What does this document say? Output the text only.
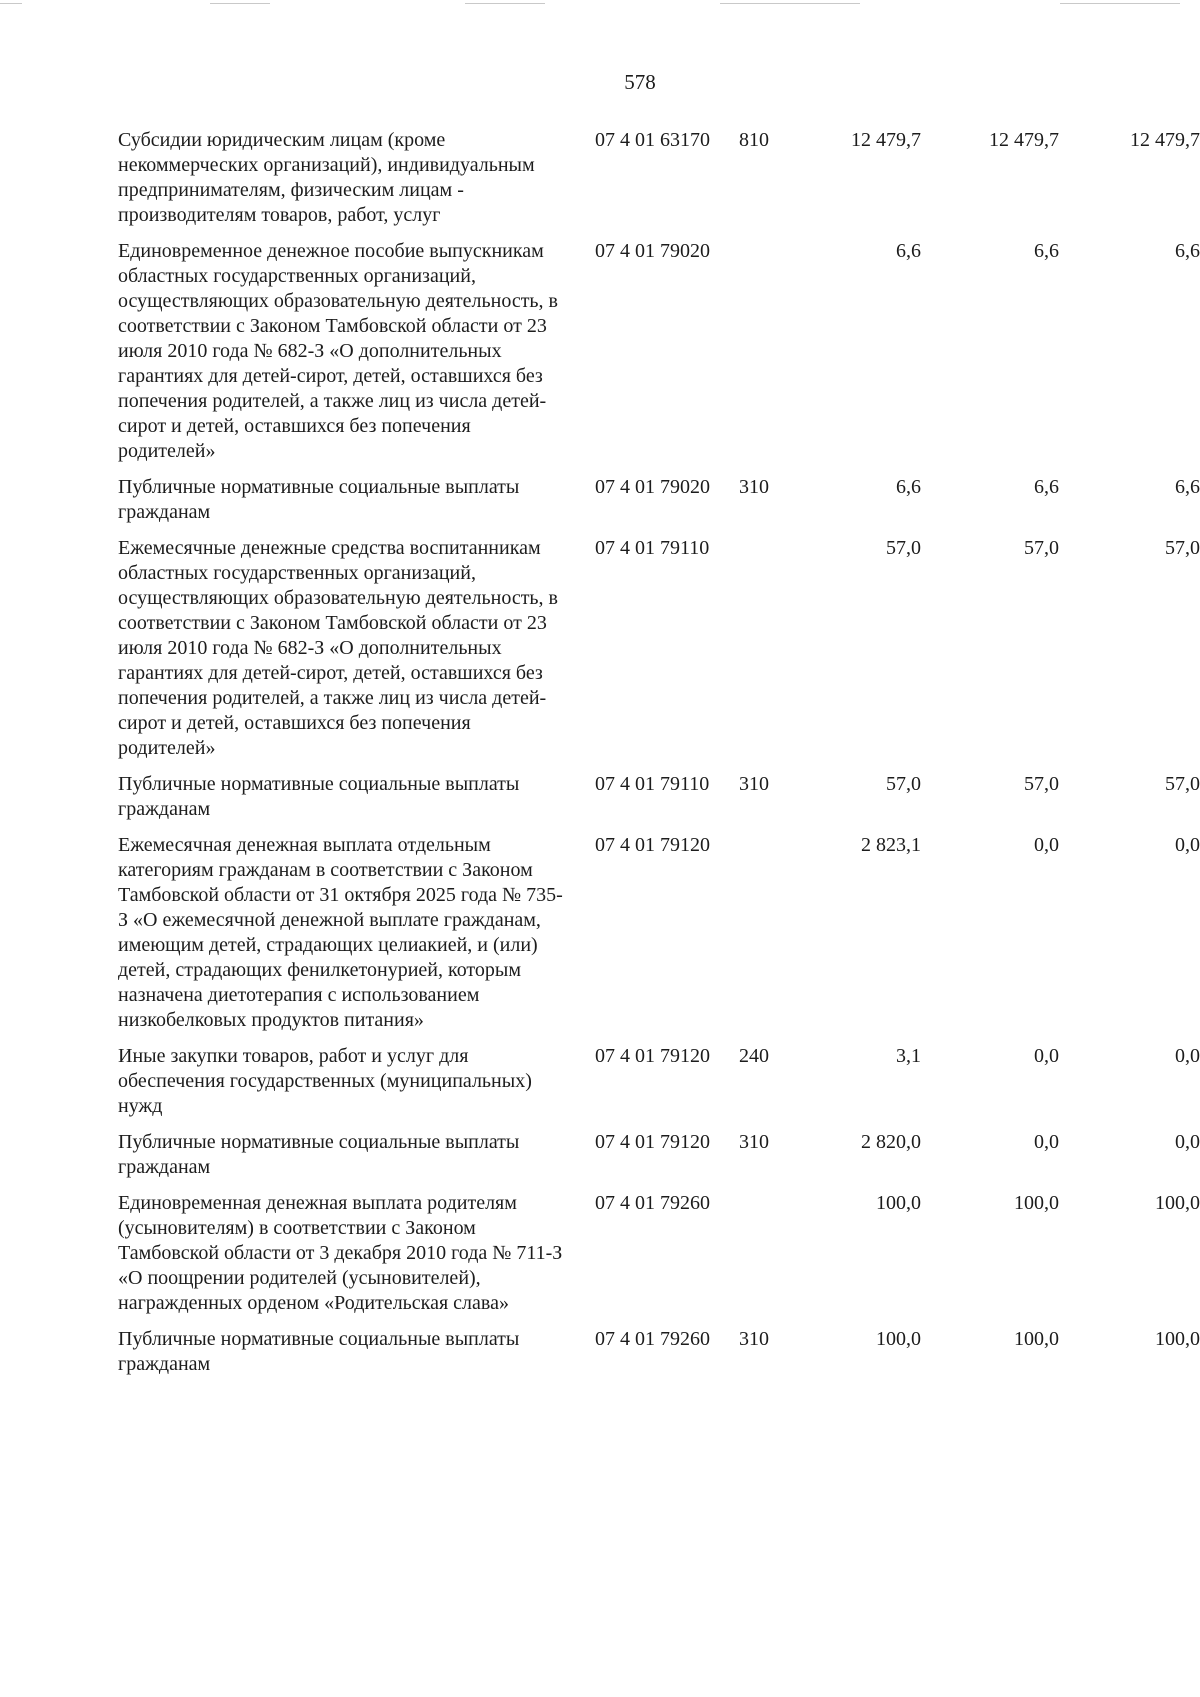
578
Субсидии юридическим лицам (кроме некоммерческих организаций), индивидуальным предпринимателям, физическим лицам - производителям товаров, работ, услуг	07 4 01 63170	810	12 479,7	12 479,7	12 479,7
Единовременное денежное пособие выпускникам областных государственных организаций, осуществляющих образовательную деятельность, в соответствии с Законом Тамбовской области от 23 июля 2010 года № 682-З «О дополнительных гарантиях для детей-сирот, детей, оставшихся без попечения родителей, а также лиц из числа детей-сирот и детей, оставшихся без попечения родителей»	07 4 01 79020		6,6	6,6	6,6
Публичные нормативные социальные выплаты гражданам	07 4 01 79020	310	6,6	6,6	6,6
Ежемесячные денежные средства воспитанникам областных государственных организаций, осуществляющих образовательную деятельность, в соответствии с Законом Тамбовской области от 23 июля 2010 года № 682-З «О дополнительных гарантиях для детей-сирот, детей, оставшихся без попечения родителей, а также лиц из числа детей-сирот и детей, оставшихся без попечения родителей»	07 4 01 79110		57,0	57,0	57,0
Публичные нормативные социальные выплаты гражданам	07 4 01 79110	310	57,0	57,0	57,0
Ежемесячная денежная выплата отдельным категориям гражданам в соответствии с Законом Тамбовской области от 31 октября 2025 года № 735-З «О ежемесячной денежной выплате гражданам, имеющим детей, страдающих целиакией, и (или) детей, страдающих фенилкетонурией, которым назначена диетотерапия с использованием низкобелковых продуктов питания»	07 4 01 79120		2 823,1	0,0	0,0
Иные закупки товаров, работ и услуг для обеспечения государственных (муниципальных) нужд	07 4 01 79120	240	3,1	0,0	0,0
Публичные нормативные социальные выплаты гражданам	07 4 01 79120	310	2 820,0	0,0	0,0
Единовременная денежная выплата родителям (усыновителям) в соответствии с Законом Тамбовской области от 3 декабря 2010 года № 711-З «О поощрении родителей (усыновителей), награжденных орденом «Родительская слава»	07 4 01 79260		100,0	100,0	100,0
Публичные нормативные социальные выплаты гражданам	07 4 01 79260	310	100,0	100,0	100,0
